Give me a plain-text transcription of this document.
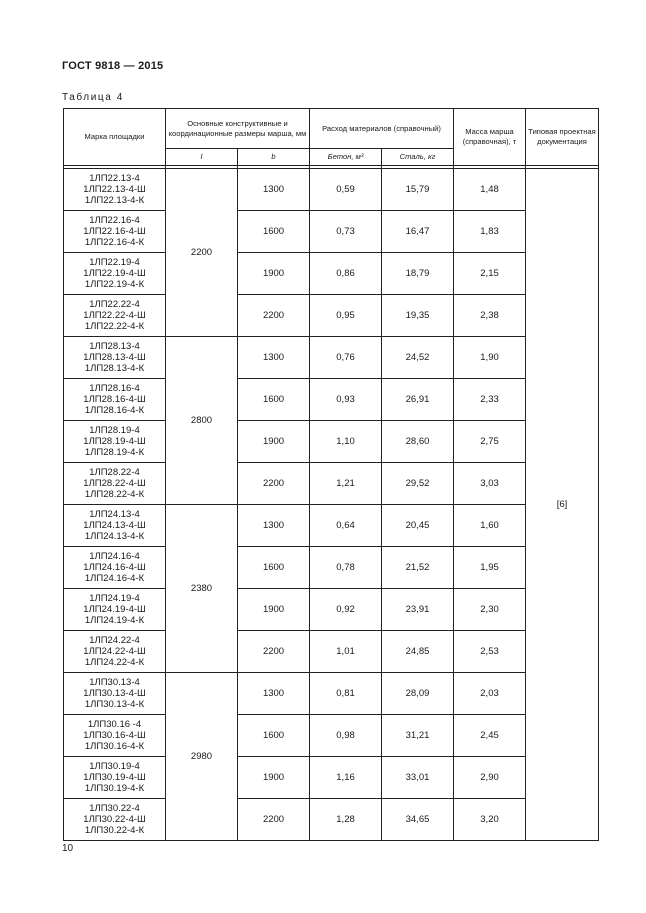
ГОСТ 9818 — 2015
Таблица 4
Марка площадки	Основные конструктивные и координационные размеры марша, мм		Расход материалов (справочный)		Масса марша (справочная), т	Типовая проектная документация
	l	b	Бетон, м³	Сталь, кг		

1ЛП22.13-4
1ЛП22.13-4-Ш
1ЛП22.13-4-К	2200	1300	0,59	15,79	1,48	[6]

1ЛП22.16-4
1ЛП22.16-4-Ш
1ЛП22.16-4-К		1600	0,73	16,47	1,83	

1ЛП22.19-4
1ЛП22.19-4-Ш
1ЛП22.19-4-К		1900	0,86	18,79	2,15	

1ЛП22.22-4
1ЛП22.22-4-Ш
1ЛП22.22-4-К		2200	0,95	19,35	2,38	

1ЛП28.13-4
1ЛП28.13-4-Ш
1ЛП28.13-4-К	2800	1300	0,76	24,52	1,90	

1ЛП28.16-4
1ЛП28.16-4-Ш
1ЛП28.16-4-К		1600	0,93	26,91	2,33	

1ЛП28.19-4
1ЛП28.19-4-Ш
1ЛП28.19-4-К		1900	1,10	28,60	2,75	

1ЛП28.22-4
1ЛП28.22-4-Ш
1ЛП28.22-4-К		2200	1,21	29,52	3,03	

1ЛП24.13-4
1ЛП24.13-4-Ш
1ЛП24.13-4-К	2380	1300	0,64	20,45	1,60	

1ЛП24.16-4
1ЛП24.16-4-Ш
1ЛП24.16-4-К		1600	0,78	21,52	1,95	

1ЛП24.19-4
1ЛП24.19-4-Ш
1ЛП24.19-4-К		1900	0,92	23,91	2,30	

1ЛП24.22-4
1ЛП24.22-4-Ш
1ЛП24.22-4-К		2200	1,01	24,85	2,53	

1ЛП30.13-4
1ЛП30.13-4-Ш
1ЛП30.13-4-К	2980	1300	0,81	28,09	2,03	

1ЛП30.16 -4
1ЛП30.16-4-Ш
1ЛП30.16-4-К		1600	0,98	31,21	2,45	

1ЛП30.19-4
1ЛП30.19-4-Ш
1ЛП30.19-4-К		1900	1,16	33,01	2,90	

1ЛП30.22-4
1ЛП30.22-4-Ш
1ЛП30.22-4-К		2200	1,28	34,65	3,20	
10
